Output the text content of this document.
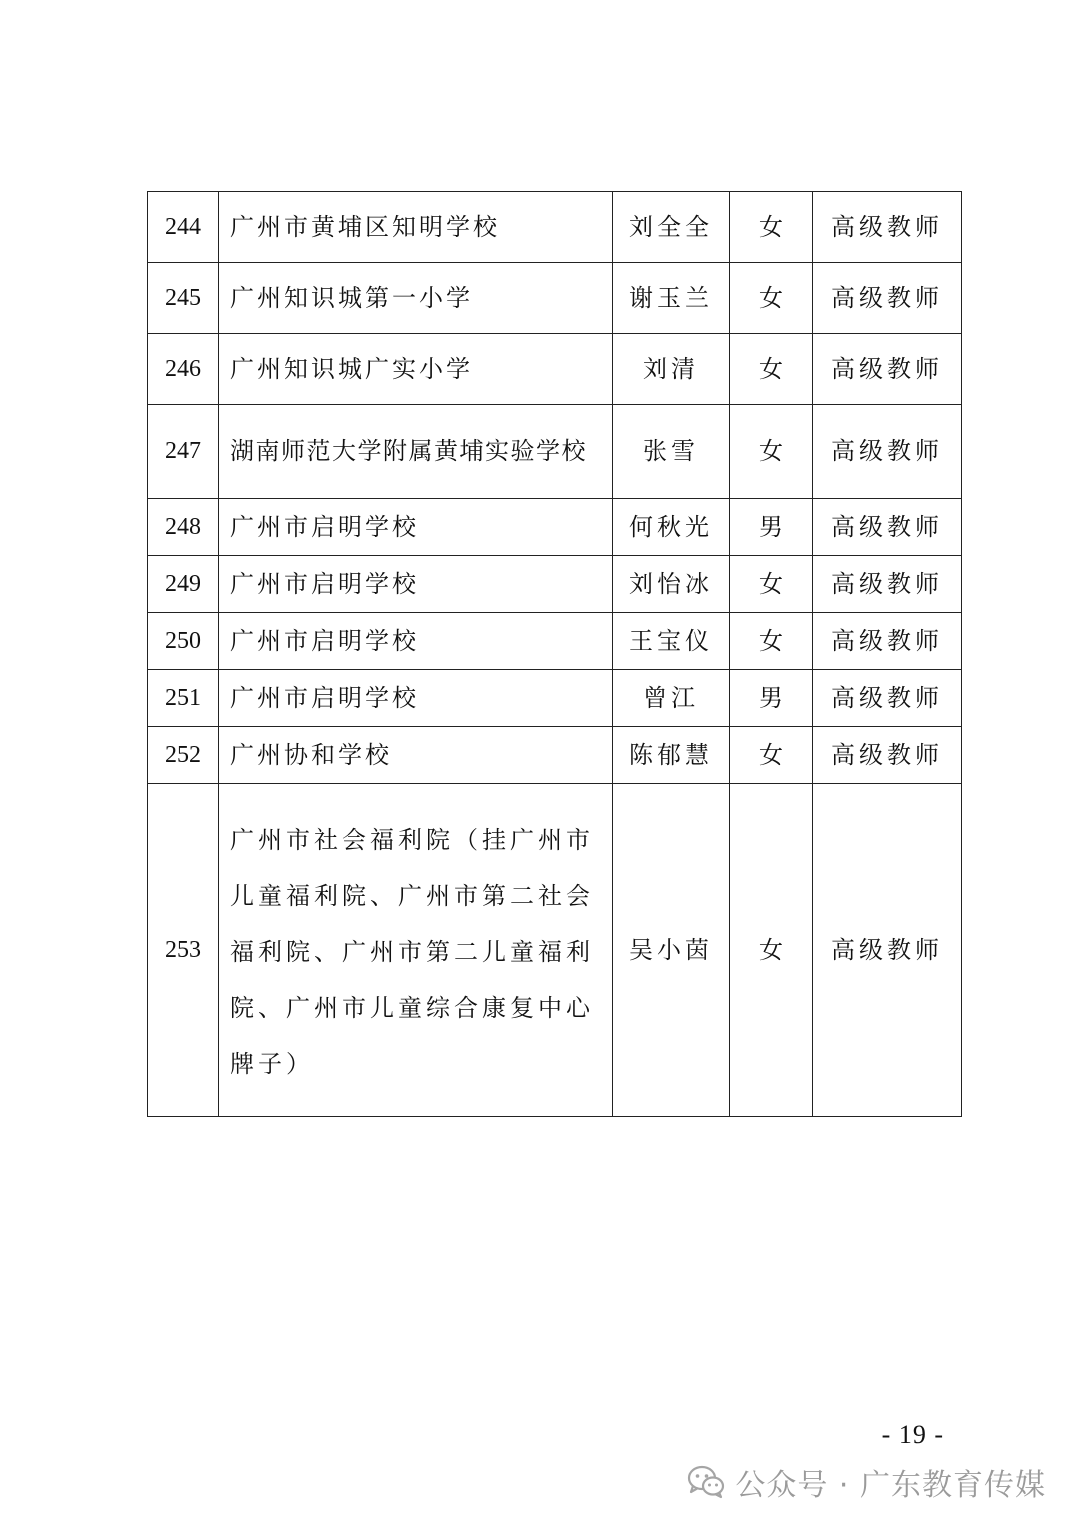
244	广州市黄埔区知明学校	刘全全	女	高级教师
245	广州知识城第一小学	谢玉兰	女	高级教师
246	广州知识城广实小学	刘清	女	高级教师
247	湖南师范大学附属黄埔实验学校	张雪	女	高级教师
248	广州市启明学校	何秋光	男	高级教师
249	广州市启明学校	刘怡冰	女	高级教师
250	广州市启明学校	王宝仪	女	高级教师
251	广州市启明学校	曾江	男	高级教师
252	广州协和学校	陈郁慧	女	高级教师
253	广州市社会福利院（挂广州市儿童福利院、广州市第二社会福利院、广州市第二儿童福利院、广州市儿童综合康复中心牌子）	吴小茵	女	高级教师
- 19 -
公众号 · 广东教育传媒
